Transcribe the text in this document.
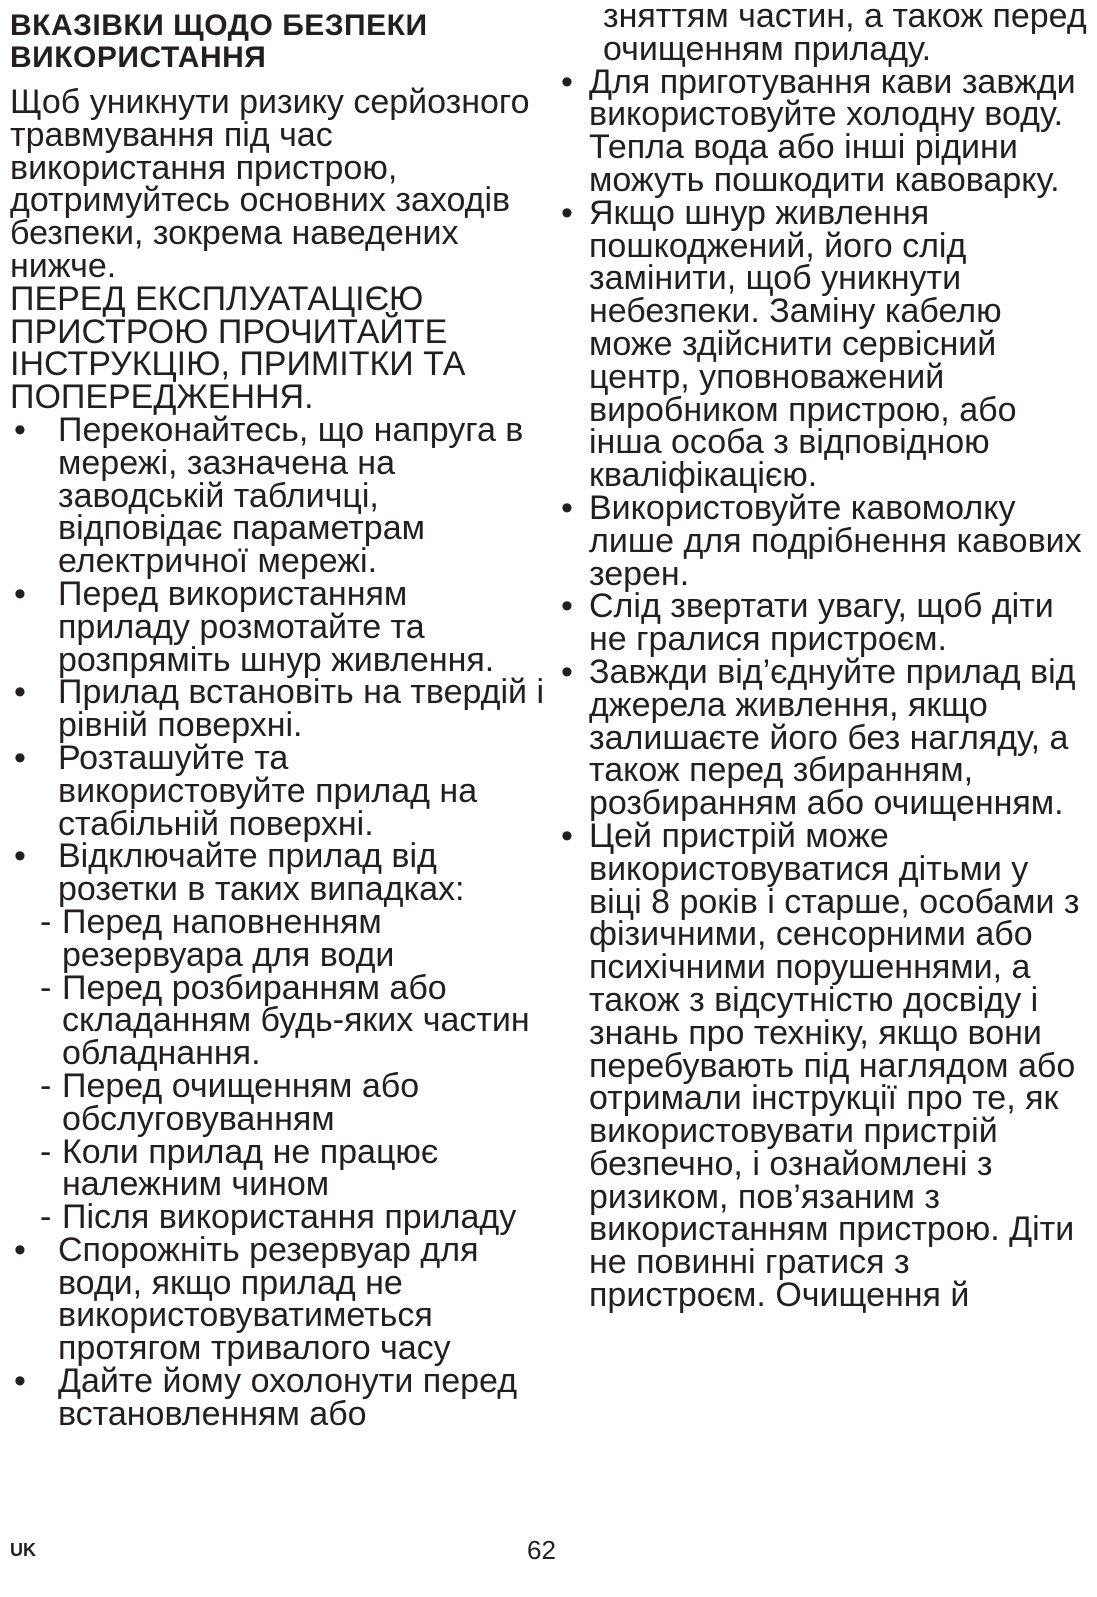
ВКАЗІВКИ ЩОДО БЕЗПЕКИ ВИКОРИСТАННЯ

Щоб уникнути ризику серйозного травмування під час використання пристрою, дотримуйтесь основних заходів безпеки, зокрема наведених нижче.

ПЕРЕД ЕКСПЛУАТАЦІЄЮ ПРИСТРОЮ ПРОЧИТАЙТЕ ІНСТРУКЦІЮ, ПРИМІТКИ ТА ПОПЕРЕДЖЕННЯ.

• Переконайтесь, що напруга в мережі, зазначена на заводській табличці, відповідає параметрам електричної мережі.
• Перед використанням приладу розмотайте та розпряміть шнур живлення.
• Прилад встановіть на твердій і рівній поверхні.
• Розташуйте та використовуйте прилад на стабільній поверхні.
• Відключайте прилад від розетки в таких випадках:
- Перед наповненням резервуара для води
- Перед розбиранням або складанням будь-яких частин обладнання.
- Перед очищенням або обслуговуванням
- Коли прилад не працює належним чином
- Після використання приладу
• Спорожніть резервуар для води, якщо прилад не використовуватиметься протягом тривалого часу
• Дайте йому охолонути перед встановленням або

зняттям частин, а також перед очищенням приладу.

• Для приготування кави завжди використовуйте холодну воду. Тепла вода або інші рідини можуть пошкодити кавоварку.
• Якщо шнур живлення пошкоджений, його слід замінити, щоб уникнути небезпеки. Заміну кабелю може здійснити сервісний центр, уповноважений виробником пристрою, або інша особа з відповідною кваліфікацією.
• Використовуйте кавомолку лише для подрібнення кавових зерен.
• Слід звертати увагу, щоб діти не гралися пристроєм.
• Завжди від’єднуйте прилад від джерела живлення, якщо залишаєте його без нагляду, а також перед збиранням, розбиранням або очищенням.
• Цей пристрій може використовуватися дітьми у віці 8 років і старше, особами з фізичними, сенсорними або психічними порушеннями, а також з відсутністю досвіду і знань про техніку, якщо вони перебувають під наглядом або отримали інструкції про те, як використовувати пристрій безпечно, і ознайомлені з ризиком, пов’язаним з використанням пристрою. Діти не повинні гратися з пристроєм. Очищення й
UK	62
